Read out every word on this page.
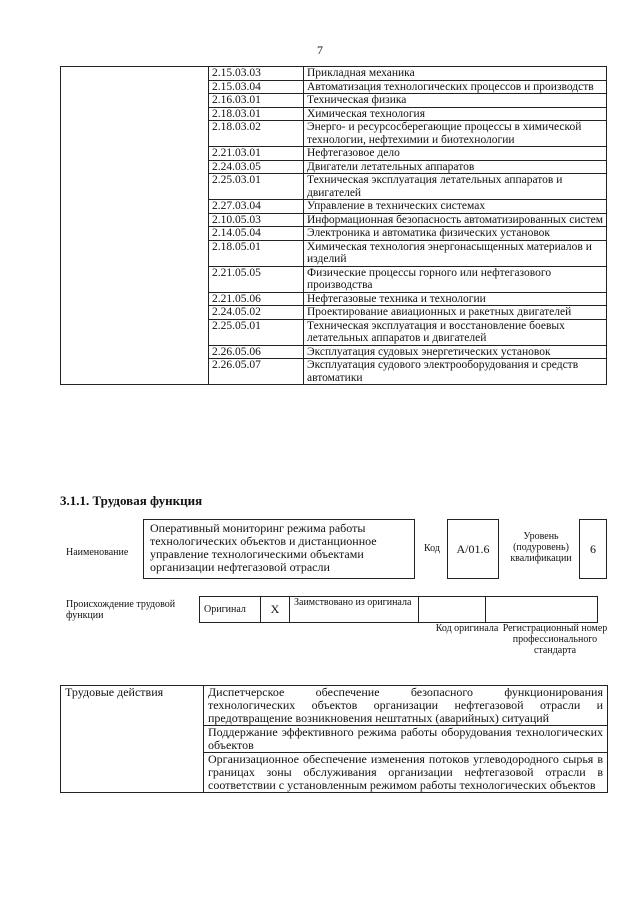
7
	2.15.03.03	Прикладная механика
	2.15.03.04	Автоматизация технологических процессов и производств
	2.16.03.01	Техническая физика
	2.18.03.01	Химическая технология
	2.18.03.02	Энерго- и ресурсосберегающие процессы в химической технологии, нефтехимии и биотехнологии
	2.21.03.01	Нефтегазовое дело
	2.24.03.05	Двигатели летательных аппаратов
	2.25.03.01	Техническая эксплуатация летательных аппаратов и двигателей
	2.27.03.04	Управление в технических системах
	2.10.05.03	Информационная безопасность автоматизированных систем
	2.14.05.04	Электроника и автоматика физических установок
	2.18.05.01	Химическая технология энергонасыщенных материалов и изделий
	2.21.05.05	Физические процессы горного или нефтегазового производства
	2.21.05.06	Нефтегазовые техника и технологии
	2.24.05.02	Проектирование авиационных и ракетных двигателей
	2.25.05.01	Техническая эксплуатация и восстановление боевых летательных аппаратов и двигателей
	2.26.05.06	Эксплуатация судовых энергетических установок
	2.26.05.07	Эксплуатация судового электрооборудования и средств автоматики
3.1.1. Трудовая функция
Наименование
Оперативный мониторинг режима работы технологических объектов и дистанционное управление технологическими объектами организации нефтегазовой отрасли
Код	А/01.6
Уровень (подуровень) квалификации
6
Происхождение трудовой функции
Оригинал	X	Заимствовано из оригинала		
Код оригинала Регистрационный номер профессионального стандарта
Трудовые действия	Диспетчерское обеспечение безопасного функционирования технологических объектов организации нефтегазовой отрасли и предотвращение возникновения нештатных (аварийных) ситуаций
Поддержание эффективного режима работы оборудования технологических объектов
Организационное обеспечение изменения потоков углеводородного сырья в границах зоны обслуживания организации нефтегазовой отрасли в соответствии с установленным режимом работы технологических объектов
